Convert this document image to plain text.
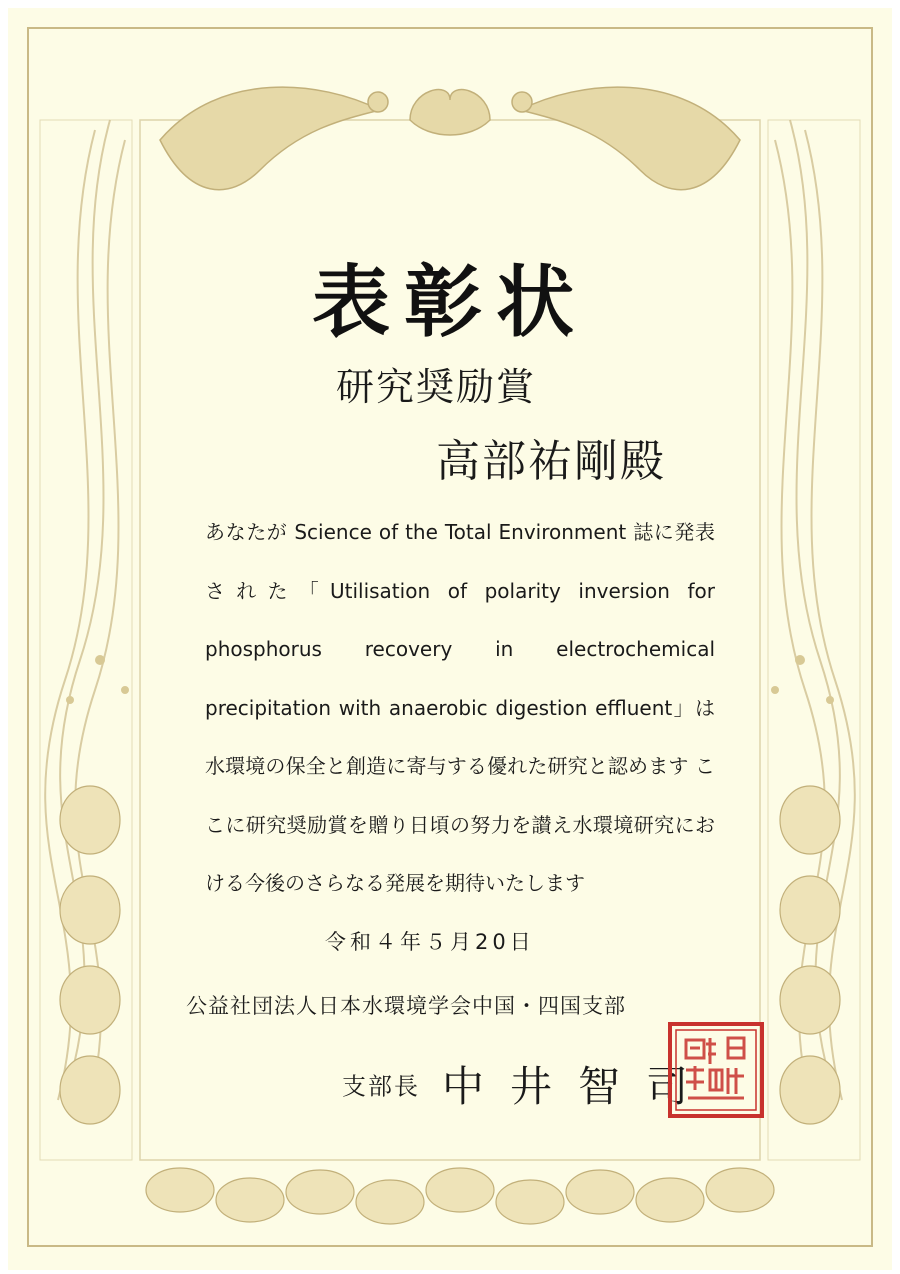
表彰状
研究奨励賞
高部祐剛殿
あなたが Science of the Total Environment 誌に発表された「Utilisation of polarity inversion for phosphorus recovery in electrochemical precipitation with anaerobic digestion effluent」は水環境の保全と創造に寄与する優れた研究と認めます ここに研究奨励賞を贈り日頃の努力を讃え水環境研究における今後のさらなる発展を期待いたします
令和４年５月20日
公益社団法人日本水環境学会中国・四国支部
支部長 中井智司
